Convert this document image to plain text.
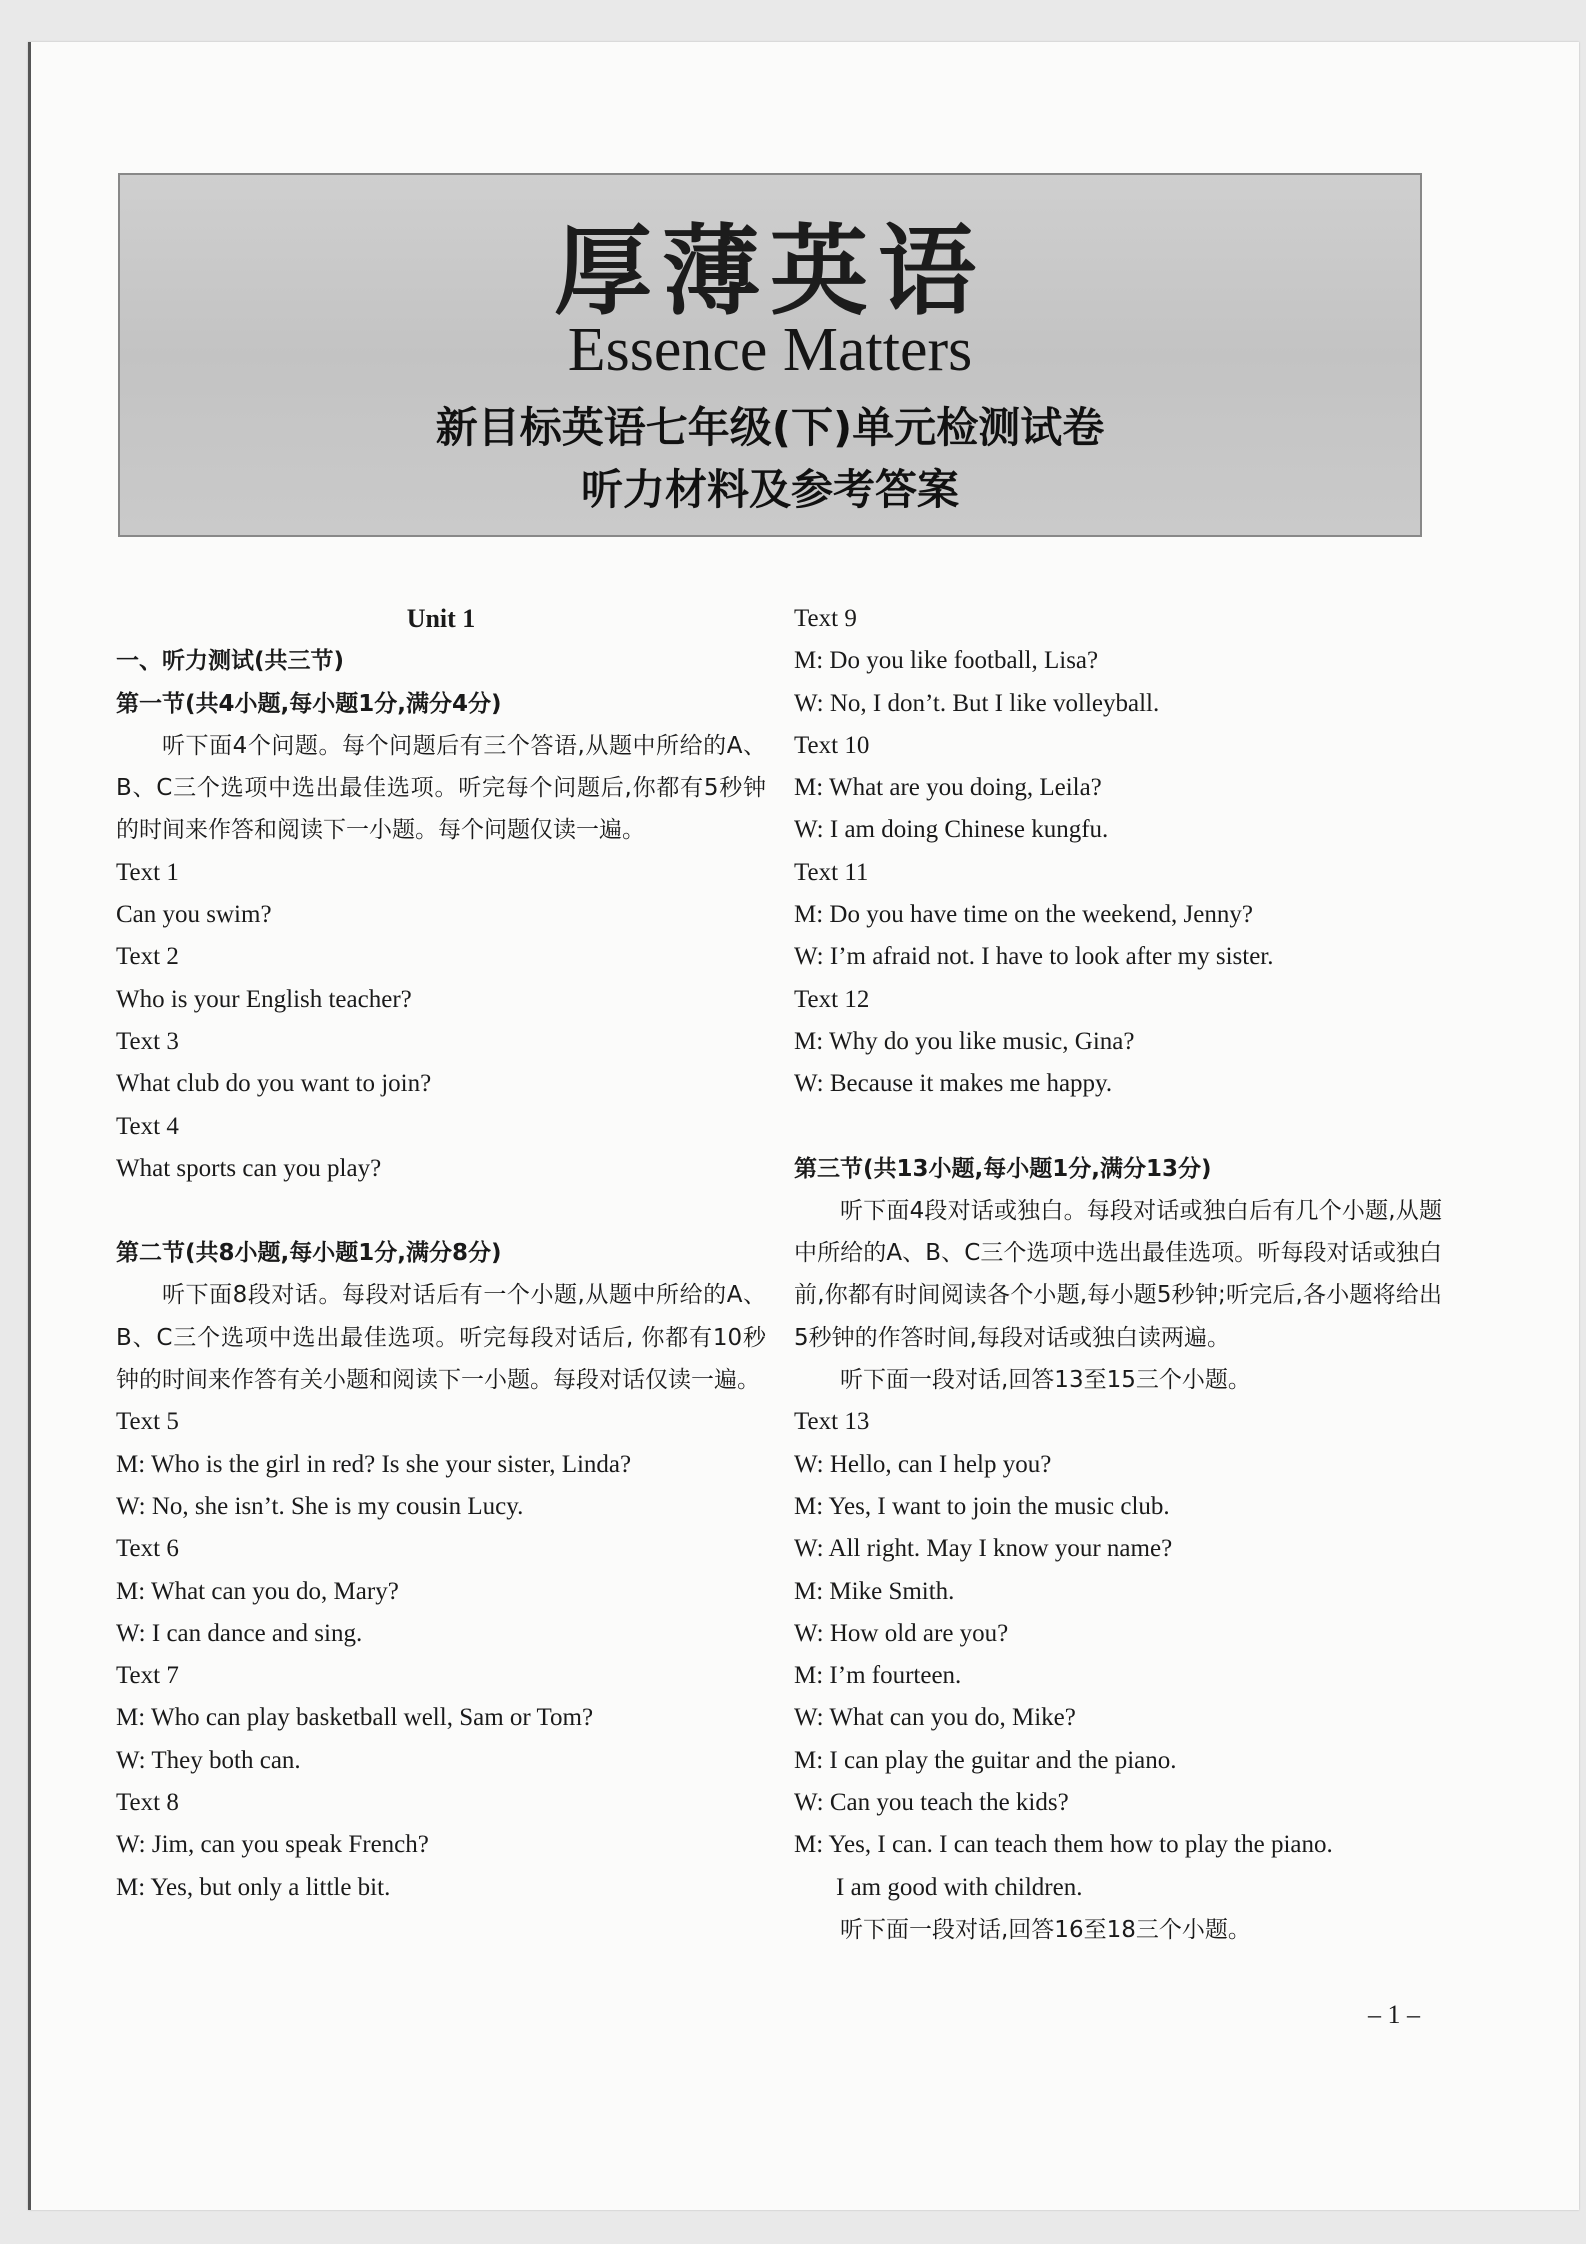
厚薄英语
Essence Matters
新目标英语七年级(下)单元检测试卷
听力材料及参考答案
Unit 1
一、听力测试(共三节)
第一节(共4小题,每小题1分,满分4分)
听下面4个问题。每个问题后有三个答语,从题中所给的A、B、C三个选项中选出最佳选项。听完每个问题后,你都有5秒钟的时间来作答和阅读下一小题。每个问题仅读一遍。
Text 1
Can you swim?
Text 2
Who is your English teacher?
Text 3
What club do you want to join?
Text 4
What sports can you play?
第二节(共8小题,每小题1分,满分8分)
听下面8段对话。每段对话后有一个小题,从题中所给的A、B、C三个选项中选出最佳选项。听完每段对话后, 你都有10秒钟的时间来作答有关小题和阅读下一小题。每段对话仅读一遍。
Text 5
M: Who is the girl in red? Is she your sister, Linda?
W: No, she isn’t. She is my cousin Lucy.
Text 6
M: What can you do, Mary?
W: I can dance and sing.
Text 7
M: Who can play basketball well, Sam or Tom?
W: They both can.
Text 8
W: Jim, can you speak French?
M: Yes, but only a little bit.
Text 9
M: Do you like football, Lisa?
W: No, I don’t. But I like volleyball.
Text 10
M: What are you doing, Leila?
W: I am doing Chinese kungfu.
Text 11
M: Do you have time on the weekend, Jenny?
W: I’m afraid not. I have to look after my sister.
Text 12
M: Why do you like music, Gina?
W: Because it makes me happy.
第三节(共13小题,每小题1分,满分13分)
听下面4段对话或独白。每段对话或独白后有几个小题,从题中所给的A、B、C三个选项中选出最佳选项。听每段对话或独白前,你都有时间阅读各个小题,每小题5秒钟;听完后,各小题将给出5秒钟的作答时间,每段对话或独白读两遍。
听下面一段对话,回答13至15三个小题。
Text 13
W: Hello, can I help you?
M: Yes, I want to join the music club.
W: All right. May I know your name?
M: Mike Smith.
W: How old are you?
M: I’m fourteen.
W: What can you do, Mike?
M: I can play the guitar and the piano.
W: Can you teach the kids?
M: Yes, I can. I can teach them how to play the piano.
I am good with children.
听下面一段对话,回答16至18三个小题。
– 1 –
